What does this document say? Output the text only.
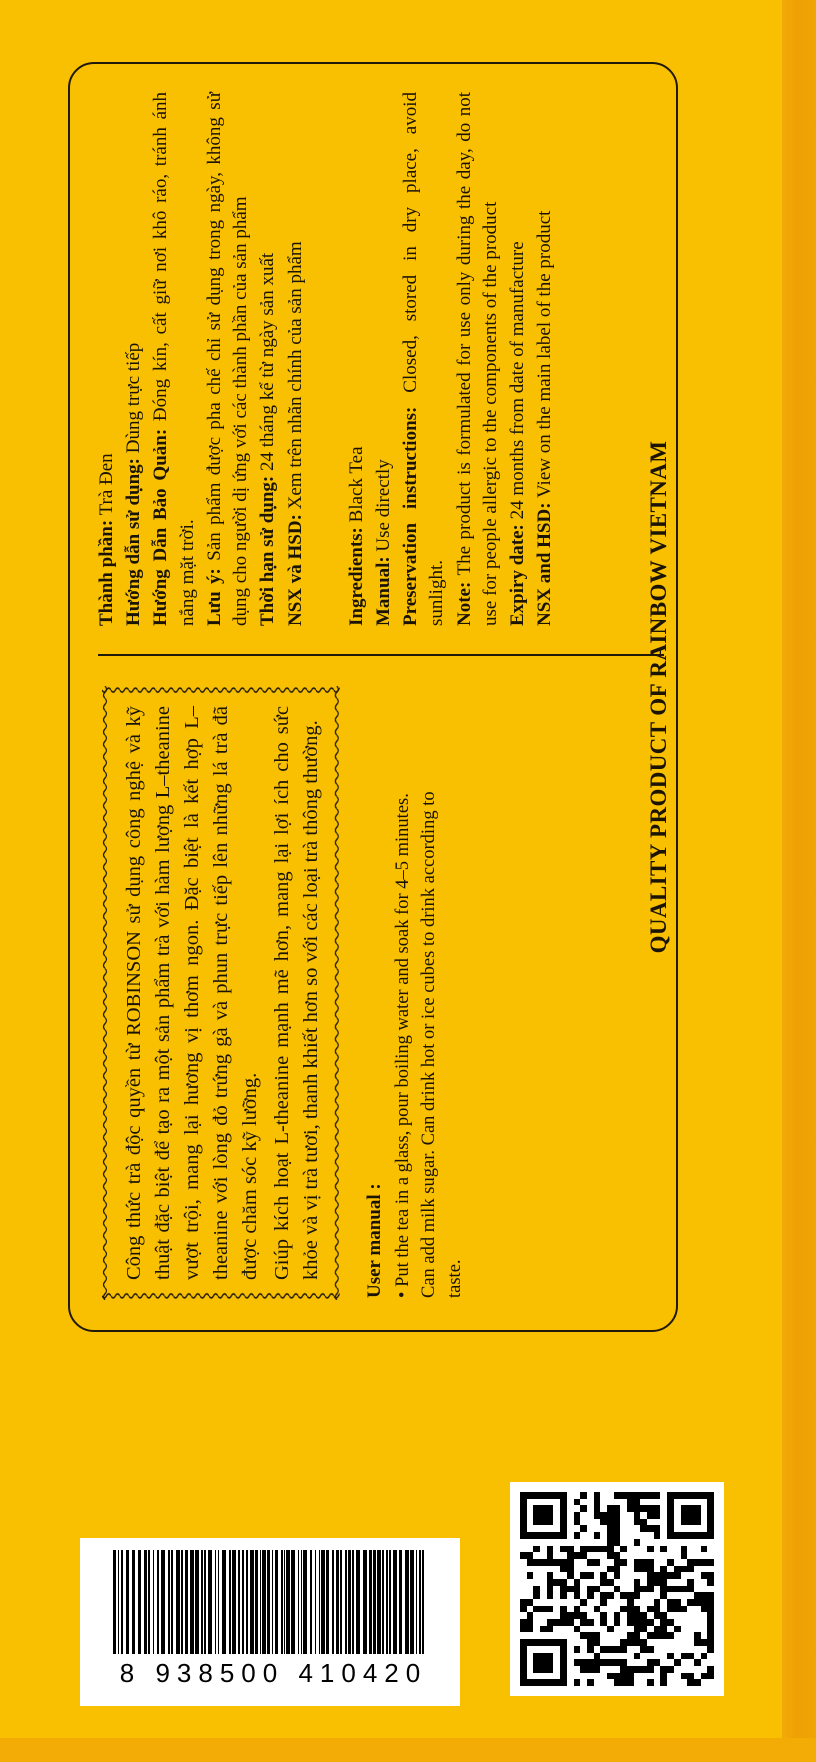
Công thức trà độc quyền từ ROBINSON sử dụng công nghệ và kỹ thuật đặc biệt để tạo ra một sản phẩm trà với hàm lượng L–theanine vượt trội, mang lại hương vị thơm ngon. Đặc biệt là kết hợp L–theanine với lòng đỏ trứng gà và phun trực tiếp lên những lá trà đã được chăm sóc kỹ lưỡng. Giúp kích hoạt L-theanine mạnh mẽ hơn, mang lại lợi ích cho sức khỏe và vị trà tươi, thanh khiết hơn so với các loại trà thông thường. User manual : • Put the tea in a glass, pour boiling water and soak for 4–5 minutes. Can add milk sugar. Can drink hot or ice cubes to drink according to taste.

Thành phần: Trà Đen Hướng dẫn sử dụng: Dùng trực tiếp

Hướng Dẫn Bảo Quản: Đóng kín, cất giữ nơi khô ráo, tránh ánh nắng mặt trời. Lưu ý: Sản phẩm được pha chế chỉ sử dụng trong ngày, không sử dụng cho người dị ứng với các thành phần của sản phẩm Thời hạn sử dụng: 24 tháng kể từ ngày sản xuất

NSX và HSD: Xem trên nhãn chính của sản phẩm

Ingredients: Black Tea

Manual: Use directly Preservation instructions: Closed, stored in dry place, avoid sunlight. Note: The product is formulated for use only during the day, do not use for people allergic to the components of the product Expiry date: 24 months from date of manufacture

NSX and HSD: View on the main label of the product

QUALITY PRODUCT OF RAINBOW VIETNAM
8 938500 410420
